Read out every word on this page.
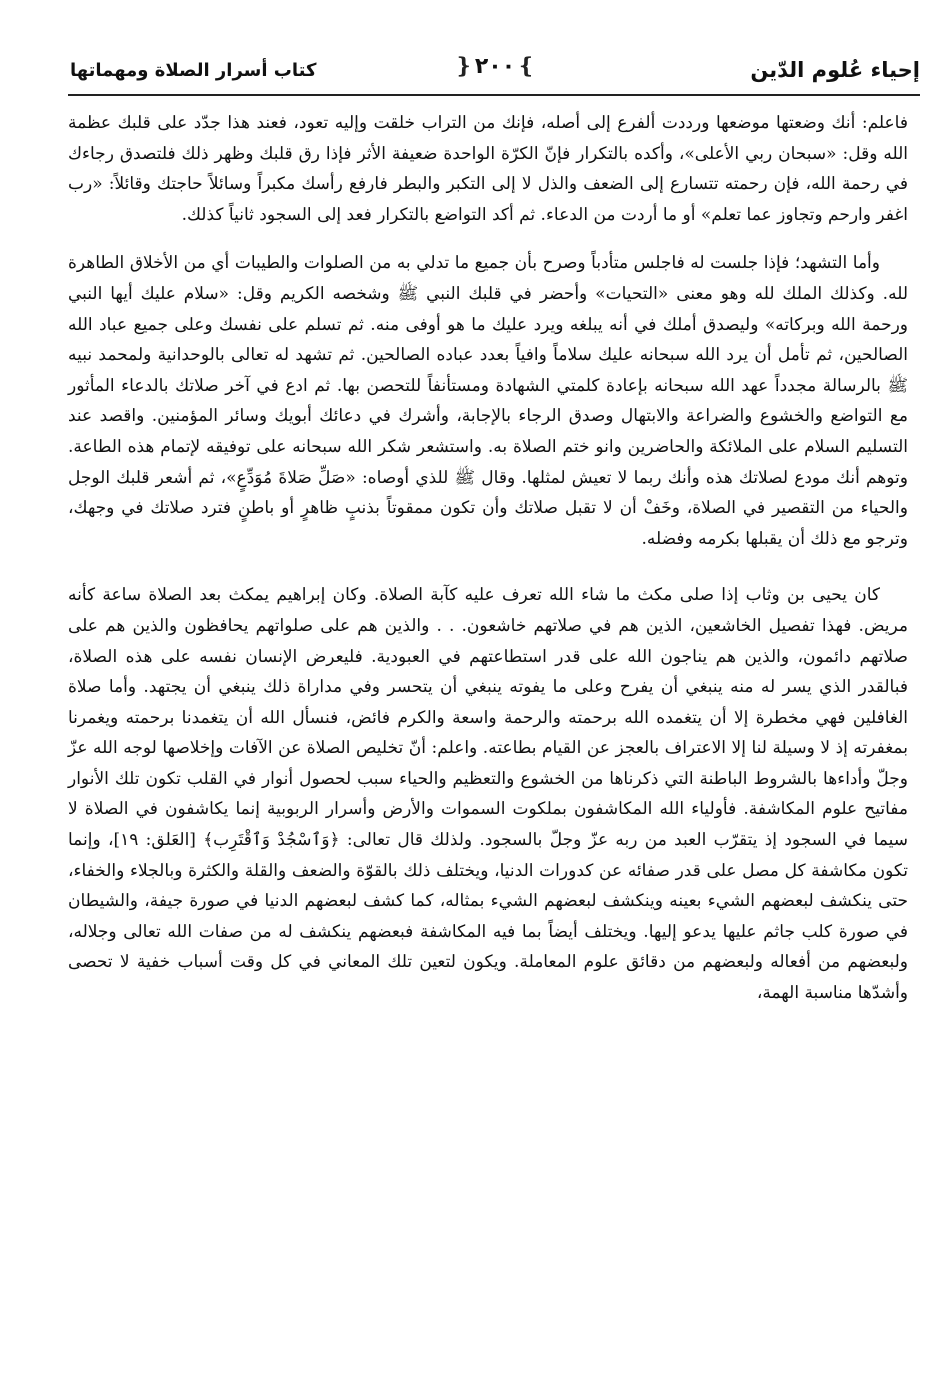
إحياء عُلوم الدّين
❵٢٠٠❴
كتاب أسرار الصلاة ومهماتها

فاعلم: أنك وضعتها موضعها ورددت ألفرع إلى أصله، فإنك من التراب خلقت وإليه تعود، فعند هذا جدّد على قلبك عظمة الله وقل: «سبحان ربي الأعلى»، وأكده بالتكرار فإنّ الكرّة الواحدة ضعيفة الأثر فإذا رق قلبك وظهر ذلك فلتصدق رجاءك في رحمة الله، فإن رحمته تتسارع إلى الضعف والذل لا إلى التكبر والبطر فارفع رأسك مكبراً وسائلاً حاجتك وقائلاً: «رب اغفر وارحم وتجاوز عما تعلم» أو ما أردت من الدعاء. ثم أكد التواضع بالتكرار فعد إلى السجود ثانياً كذلك.

وأما التشهد؛ فإذا جلست له فاجلس متأدباً وصرح بأن جميع ما تدلي به من الصلوات والطيبات أي من الأخلاق الطاهرة لله. وكذلك الملك لله وهو معنى «التحيات» وأحضر في قلبك النبي ﷺ وشخصه الكريم وقل: «سلام عليك أيها النبي ورحمة الله وبركاته» وليصدق أملك في أنه يبلغه ويرد عليك ما هو أوفى منه. ثم تسلم على نفسك وعلى جميع عباد الله الصالحين، ثم تأمل أن يرد الله سبحانه عليك سلاماً وافياً بعدد عباده الصالحين. ثم تشهد له تعالى بالوحدانية ولمحمد نبيه ﷺ بالرسالة مجدداً عهد الله سبحانه بإعادة كلمتي الشهادة ومستأنفاً للتحصن بها. ثم ادع في آخر صلاتك بالدعاء المأثور مع التواضع والخشوع والضراعة والابتهال وصدق الرجاء بالإجابة، وأشرك في دعائك أبويك وسائر المؤمنين. واقصد عند التسليم السلام على الملائكة والحاضرين وانو ختم الصلاة به. واستشعر شكر الله سبحانه على توفيقه لإتمام هذه الطاعة. وتوهم أنك مودع لصلاتك هذه وأنك ربما لا تعيش لمثلها. وقال ﷺ للذي أوصاه: «صَلِّ صَلاةَ مُوَدِّعٍ»، ثم أشعر قلبك الوجل والحياء من التقصير في الصلاة، وخَفْ أن لا تقبل صلاتك وأن تكون ممقوتاً بذنبٍ ظاهرٍ أو باطنٍ فترد صلاتك في وجهك، وترجو مع ذلك أن يقبلها بكرمه وفضله.

كان يحيى بن وثاب إذا صلى مكث ما شاء الله تعرف عليه كآبة الصلاة. وكان إبراهيم يمكث بعد الصلاة ساعة كأنه مريض. فهذا تفصيل الخاشعين، الذين هم في صلاتهم خاشعون. . . والذين هم على صلواتهم يحافظون والذين هم على صلاتهم دائمون، والذين هم يناجون الله على قدر استطاعتهم في العبودية. فليعرض الإنسان نفسه على هذه الصلاة، فبالقدر الذي يسر له منه ينبغي أن يفرح وعلى ما يفوته ينبغي أن يتحسر وفي مداراة ذلك ينبغي أن يجتهد. وأما صلاة الغافلين فهي مخطرة إلا أن يتغمده الله برحمته والرحمة واسعة والكرم فائض، فنسأل الله أن يتغمدنا برحمته ويغمرنا بمغفرته إذ لا وسيلة لنا إلا الاعتراف بالعجز عن القيام بطاعته. واعلم: أنّ تخليص الصلاة عن الآفات وإخلاصها لوجه الله عزّ وجلّ وأداءها بالشروط الباطنة التي ذكرناها من الخشوع والتعظيم والحياء سبب لحصول أنوار في القلب تكون تلك الأنوار مفاتيح علوم المكاشفة. فأولياء الله المكاشفون بملكوت السموات والأرض وأسرار الربوبية إنما يكاشفون في الصلاة لا سيما في السجود إذ يتقرّب العبد من ربه عزّ وجلّ بالسجود. ولذلك قال تعالى: ﴿وَٱسْجُدْ وَٱقْتَرِب﴾ [العَلق: ١٩]، وإنما تكون مكاشفة كل مصل على قدر صفائه عن كدورات الدنيا، ويختلف ذلك بالقوّة والضعف والقلة والكثرة وبالجلاء والخفاء، حتى ينكشف لبعضهم الشيء بعينه وينكشف لبعضهم الشيء بمثاله، كما كشف لبعضهم الدنيا في صورة جيفة، والشيطان في صورة كلب جاثم عليها يدعو إليها. ويختلف أيضاً بما فيه المكاشفة فبعضهم ينكشف له من صفات الله تعالى وجلاله، ولبعضهم من أفعاله ولبعضهم من دقائق علوم المعاملة. ويكون لتعين تلك المعاني في كل وقت أسباب خفية لا تحصى وأشدّها مناسبة الهمة،
